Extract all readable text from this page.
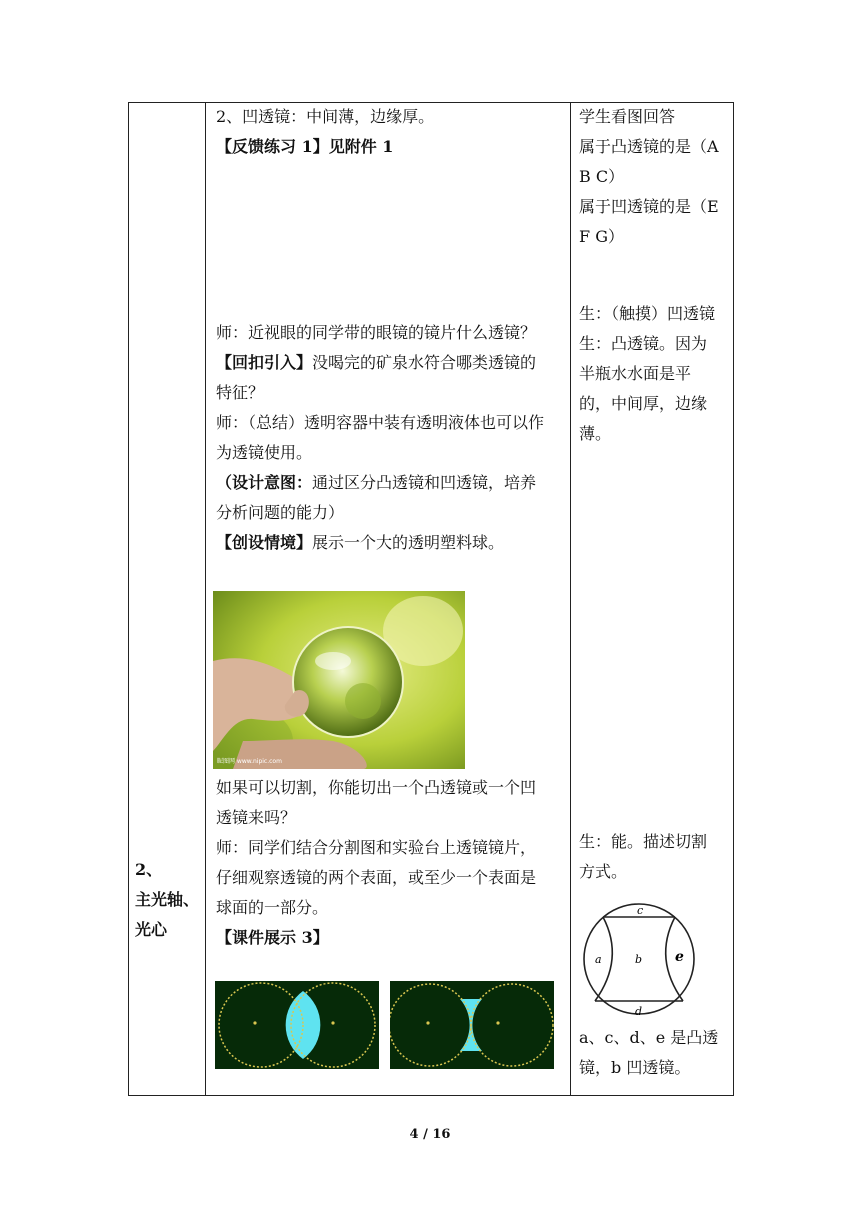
2、

主光轴、

光心

2、凹透镜：中间薄，边缘厚。

【反馈练习 1】见附件 1

师：近视眼的同学带的眼镜的镜片什么透镜？

【回扣引入】没喝完的矿泉水符合哪类透镜的

特征？

师：（总结）透明容器中装有透明液体也可以作

为透镜使用。

（设计意图：通过区分凸透镜和凹透镜，培养

分析问题的能力）

【创设情境】展示一个大的透明塑料球。

昵图网 www.nipic.com

如果可以切割，你能切出一个凸透镜或一个凹

透镜来吗？

师：同学们结合分割图和实验台上透镜镜片，

仔细观察透镜的两个表面，或至少一个表面是

球面的一部分。

【课件展示 3】

学生看图回答

属于凸透镜的是（A

B C）

属于凹透镜的是（E

F G）

生：（触摸）凹透镜

生：凸透镜。因为

半瓶水水面是平

的，中间厚，边缘

薄。

生：能。描述切割

方式。

c
a	b e
d

a、c、d、e 是凸透

镜，b 凹透镜。

4 / 16
